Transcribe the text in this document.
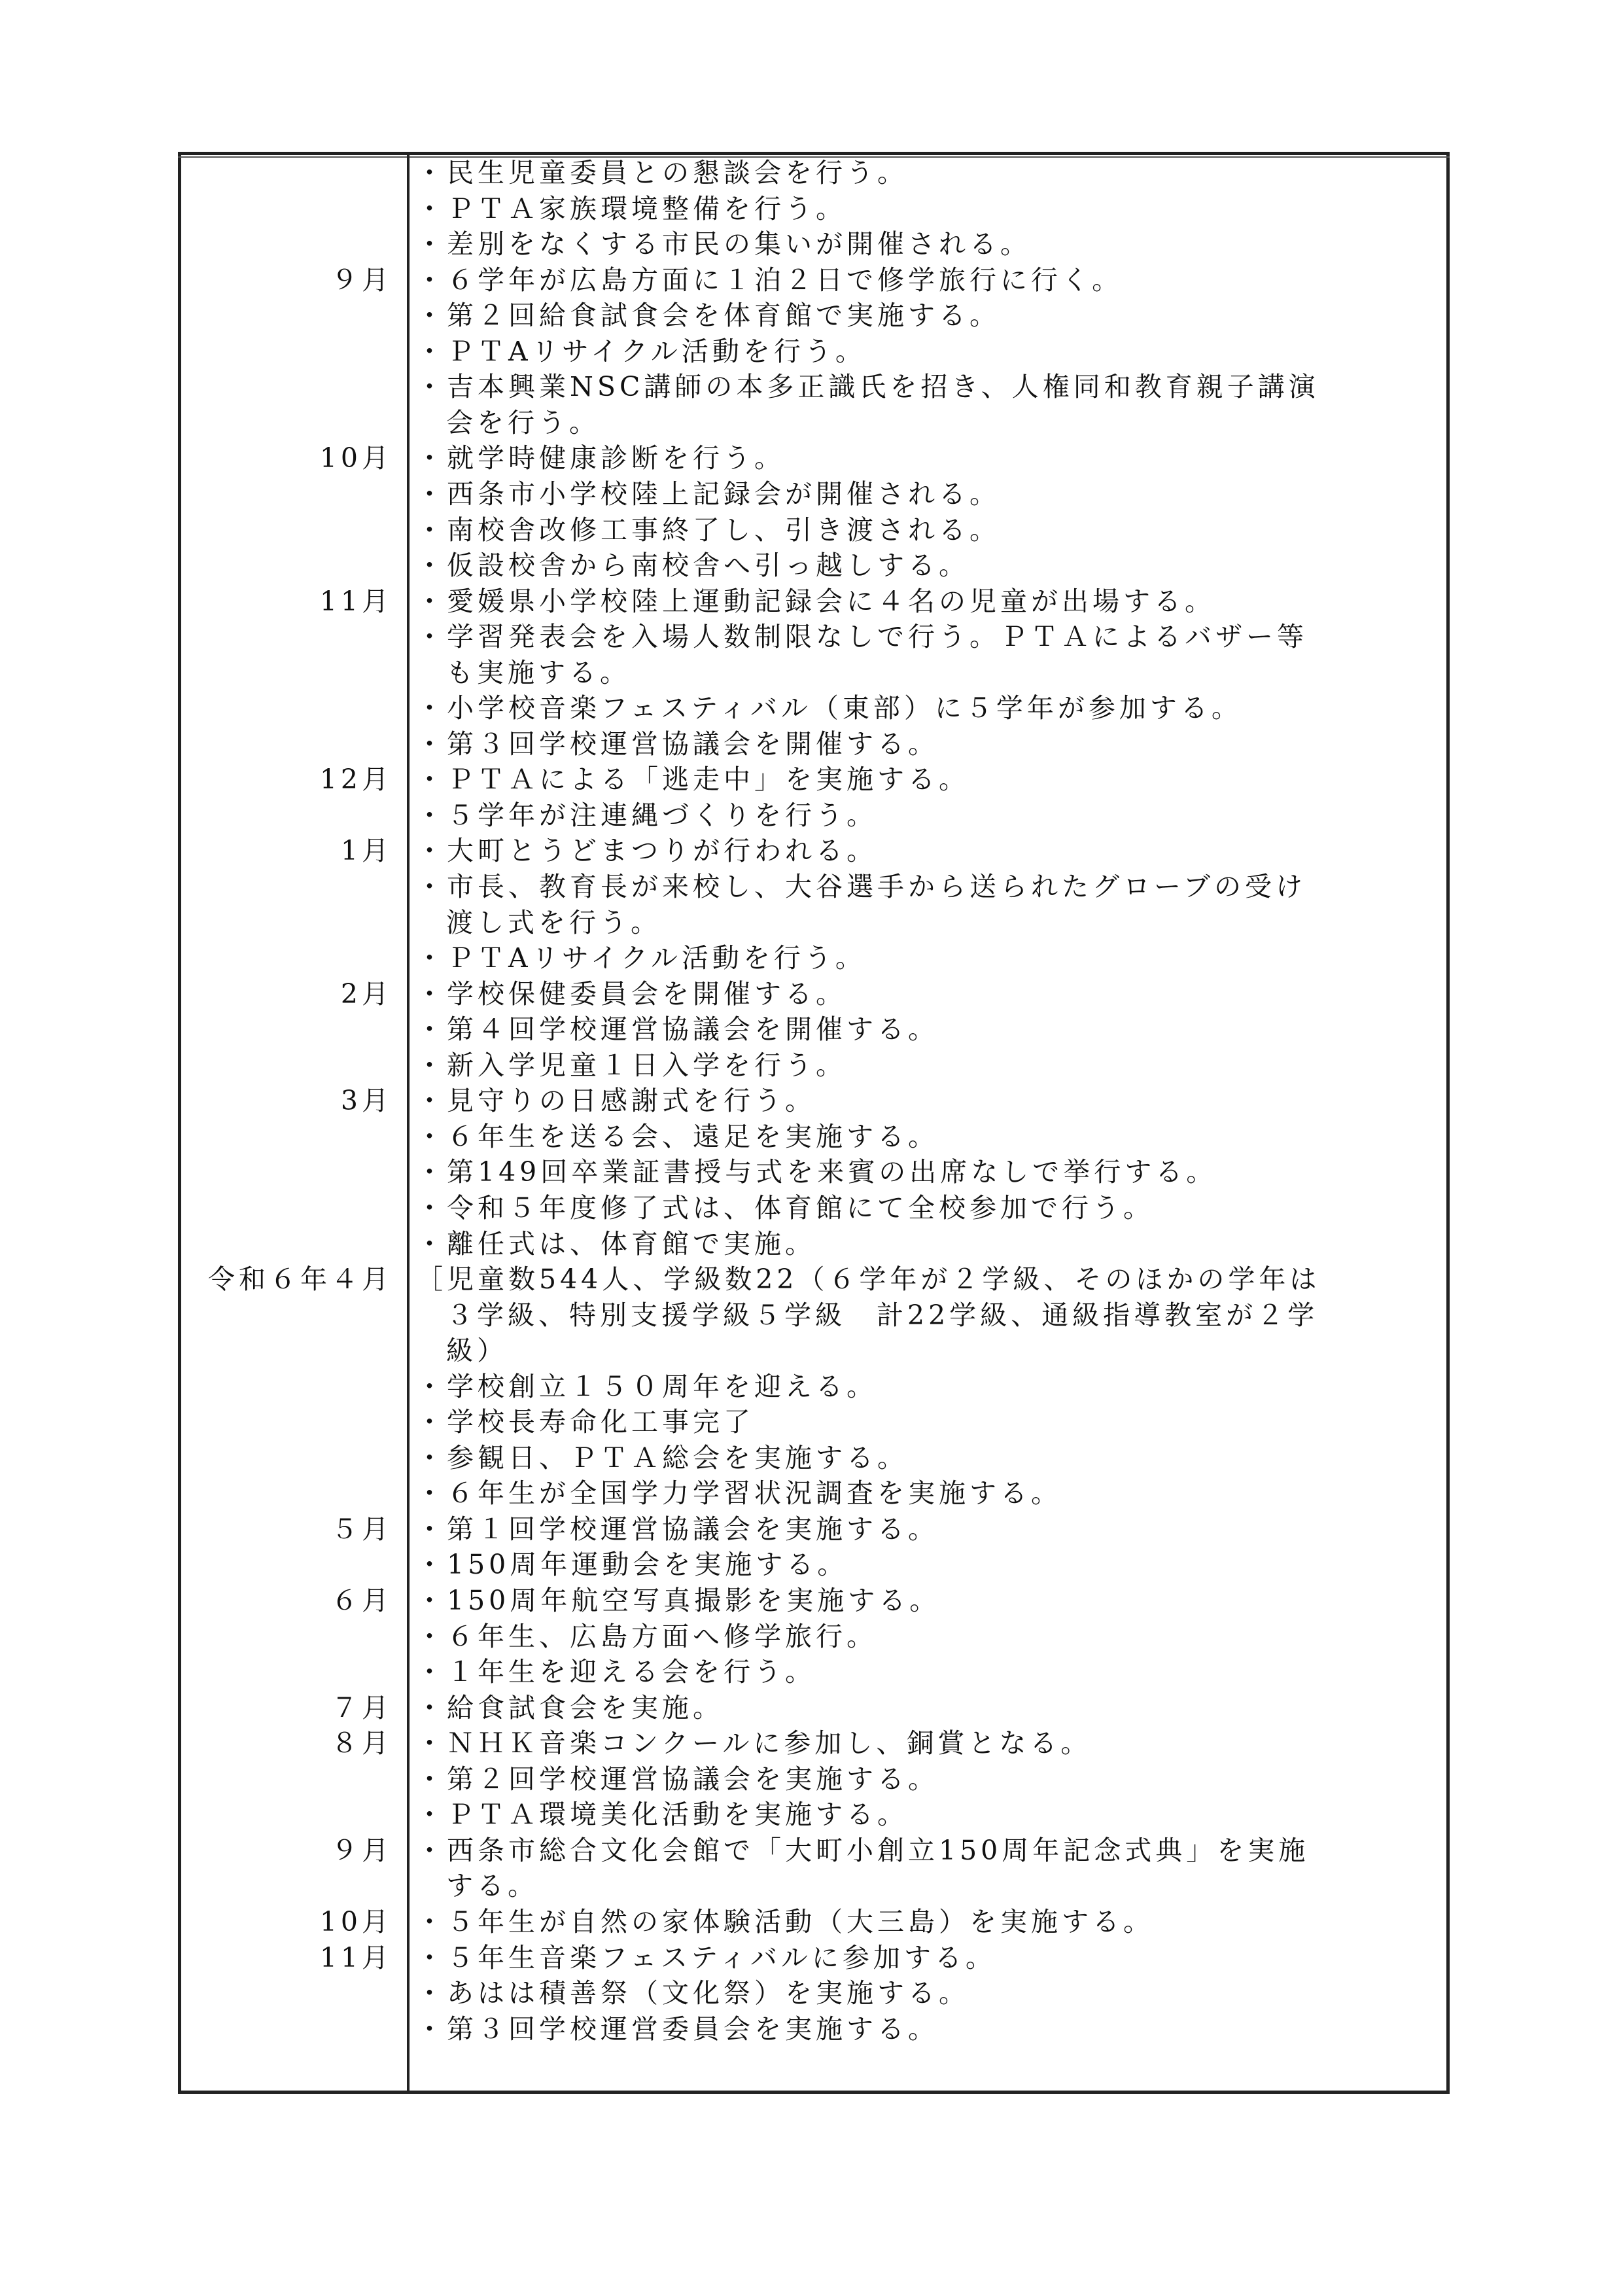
・民生児童委員との懇談会を行う。
・ＰＴＡ家族環境整備を行う。
・差別をなくする市民の集いが開催される。
９月 ・６学年が広島方面に１泊２日で修学旅行に行く。
・第２回給食試食会を体育館で実施する。
・ＰＴAリサイクル活動を行う。
・吉本興業NSC講師の本多正識氏を招き、人権同和教育親子講演
会を行う。
10月 ・就学時健康診断を行う。
・西条市小学校陸上記録会が開催される。
・南校舎改修工事終了し、引き渡される。
・仮設校舎から南校舎へ引っ越しする。
11月 ・愛媛県小学校陸上運動記録会に４名の児童が出場する。
・学習発表会を入場人数制限なしで行う。ＰＴＡによるバザー等
も実施する。
・小学校音楽フェスティバル（東部）に５学年が参加する。
・第３回学校運営協議会を開催する。
12月 ・ＰＴＡによる「逃走中」を実施する。
・５学年が注連縄づくりを行う。
1月 ・大町とうどまつりが行われる。
・市長、教育長が来校し、大谷選手から送られたグローブの受け
渡し式を行う。
・ＰＴAリサイクル活動を行う。
2月 ・学校保健委員会を開催する。
・第４回学校運営協議会を開催する。
・新入学児童１日入学を行う。
3月 ・見守りの日感謝式を行う。
・６年生を送る会、遠足を実施する。
・第149回卒業証書授与式を来賓の出席なしで挙行する。
・令和５年度修了式は、体育館にて全校参加で行う。
・離任式は、体育館で実施。
令和６年４月 ［児童数544人、学級数22（６学年が２学級、そのほかの学年は
３学級、特別支援学級５学級　計22学級、通級指導教室が２学
級）
・学校創立１５０周年を迎える。
・学校長寿命化工事完了
・参観日、ＰＴＡ総会を実施する。
・６年生が全国学力学習状況調査を実施する。
５月 ・第１回学校運営協議会を実施する。
・150周年運動会を実施する。
６月 ・150周年航空写真撮影を実施する。
・６年生、広島方面へ修学旅行。
・１年生を迎える会を行う。
７月 ・給食試食会を実施。
８月 ・ＮＨＫ音楽コンクールに参加し、銅賞となる。
・第２回学校運営協議会を実施する。
・ＰＴＡ環境美化活動を実施する。
９月 ・西条市総合文化会館で「大町小創立150周年記念式典」を実施
する。
10月 ・５年生が自然の家体験活動（大三島）を実施する。
11月 ・５年生音楽フェスティバルに参加する。
・あはは積善祭（文化祭）を実施する。
・第３回学校運営委員会を実施する。
